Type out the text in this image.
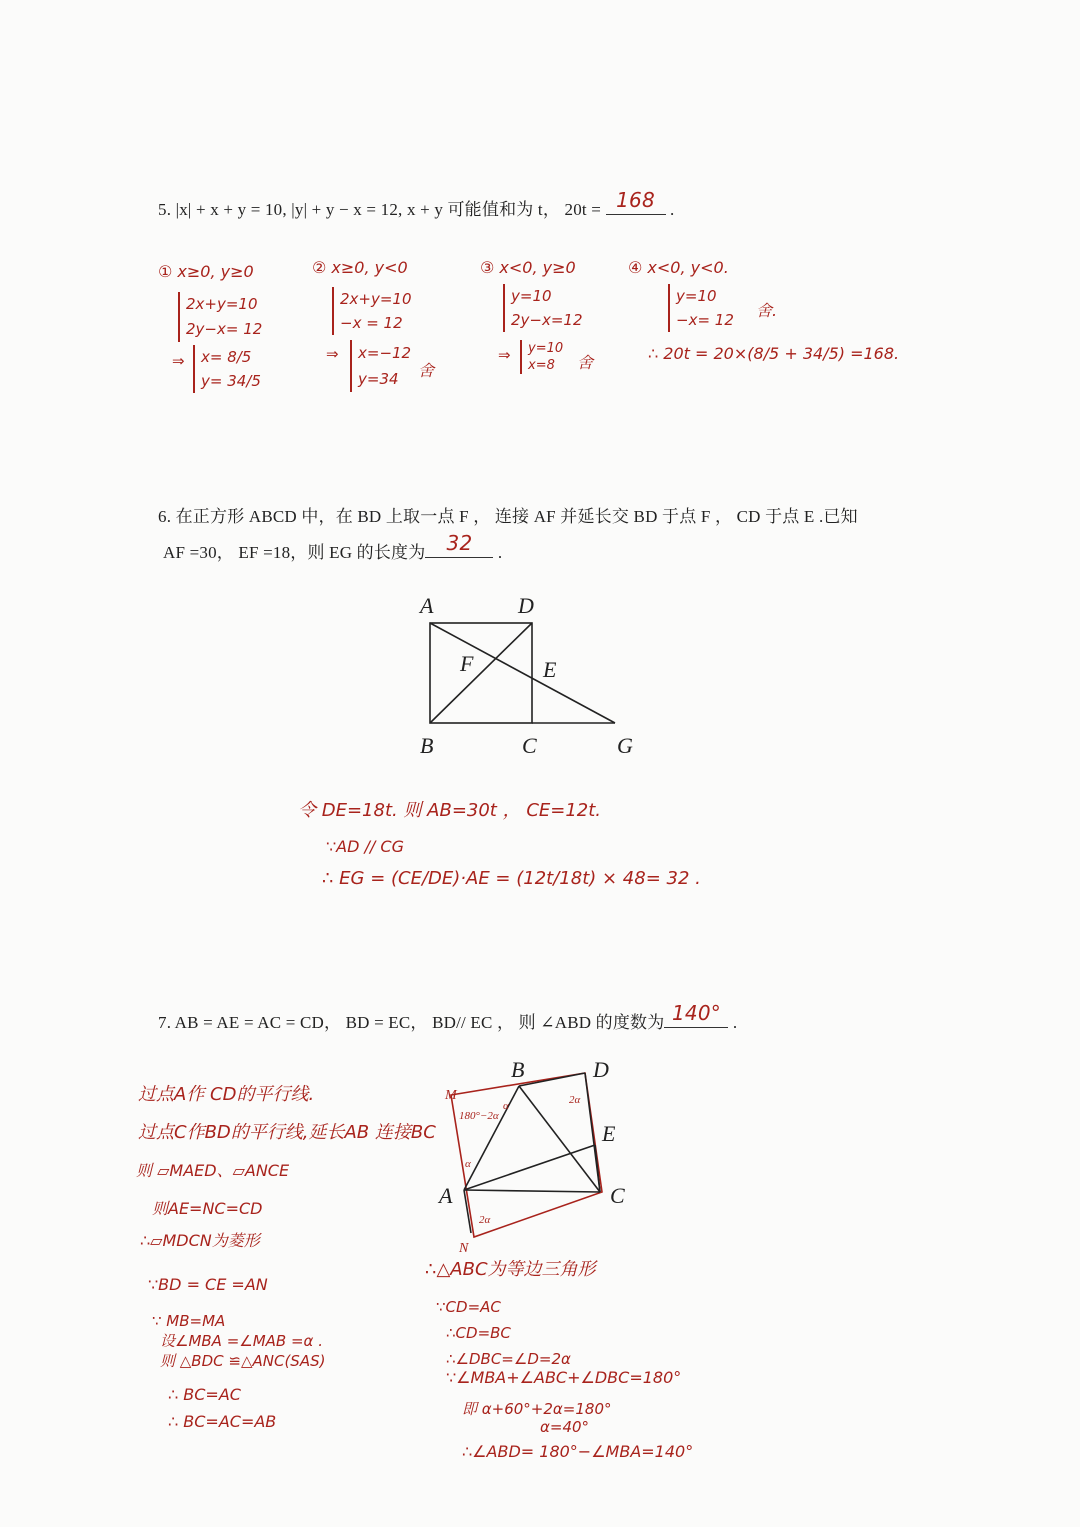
5. |x| + x + y = 10, |y| + y − x = 12, x + y 可能值和为 t， 20t = 168 .
① x≥0, y≥0
2x+y=10
2y−x= 12
⇒ x= 8/5
y= 34/5
② x≥0, y<0
2x+y=10
−x = 12
⇒ x=−12
y=34	舍
③ x<0, y≥0
y=10
2y−x=12
⇒ y=10
x=8	舍
④ x<0, y<0.
y=10
−x= 12 舍.
∴ 20t = 20×(8/5 + 34/5) =168.
6. 在正方形 ABCD 中，在 BD 上取一点 F ， 连接 AF 并延长交 BD 于点 F ， CD 于点 E .已知
AF =30， EF =18，则 EG 的长度为	32	.
A	D
F	E
B	C	G
令 DE=18t. 则 AB=30t ， CE=12t.
∵AD // CG
∴ EG = (CE/DE)·AE = (12t/18t) × 48= 32 .
7. AB = AE = AC = CD， BD = EC， BD// EC ， 则 ∠ABD 的度数为 140° .
B	D
E
A	C
M
N
180°−2α
α	2α
α
2α
过点A作 CD的平行线.
过点C作BD的平行线,延长AB 连接BC
则 ▱MAED、▱ANCE
则AE=NC=CD
∴▱MDCN为菱形
∵BD = CE =AN
∵ MB=MA
设∠MBA =∠MAB =α .
则 △BDC ≌△ANC(SAS)
∴ BC=AC
∴ BC=AC=AB
∴△ABC为等边三角形
∵CD=AC
∴CD=BC
∴∠DBC=∠D=2α
∵∠MBA+∠ABC+∠DBC=180°
即 α+60°+2α=180°
α=40°
∴∠ABD= 180°−∠MBA=140°
